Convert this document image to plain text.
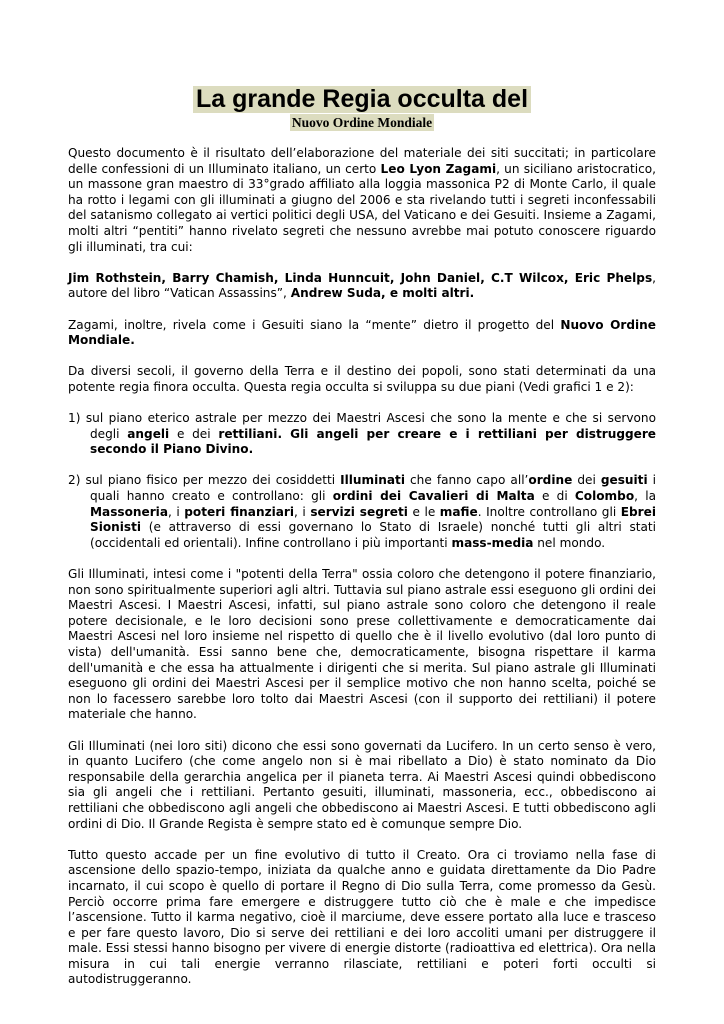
La grande Regia occulta del
Nuovo Ordine Mondiale

Questo documento è il risultato dell’elaborazione del materiale dei siti succitati; in particolare delle confessioni di un Illuminato italiano, un certo Leo Lyon Zagami, un siciliano aristocratico, un massone gran maestro di 33°grado affiliato alla loggia massonica P2 di Monte Carlo, il quale ha rotto i legami con gli illuminati a giugno del 2006 e sta rivelando tutti i segreti inconfessabili del satanismo collegato ai vertici politici degli USA, del Vaticano e dei Gesuiti. Insieme a Zagami, molti altri “pentiti” hanno rivelato segreti che nessuno avrebbe mai potuto conoscere riguardo gli illuminati, tra cui:

Jim Rothstein, Barry Chamish, Linda Hunncuit, John Daniel, C.T Wilcox, Eric Phelps, autore del libro “Vatican Assassins”, Andrew Suda, e molti altri.

Zagami, inoltre, rivela come i Gesuiti siano la “mente” dietro il progetto del Nuovo Ordine Mondiale.

Da diversi secoli, il governo della Terra e il destino dei popoli, sono stati determinati da una potente regia finora occulta. Questa regia occulta si sviluppa su due piani (Vedi grafici 1 e 2):

1) sul piano eterico astrale per mezzo dei Maestri Ascesi che sono la mente e che si servono degli angeli e dei rettiliani. Gli angeli per creare e i rettiliani per distruggere secondo il Piano Divino.

2) sul piano fisico per mezzo dei cosiddetti Illuminati che fanno capo all’ordine dei gesuiti i quali hanno creato e controllano: gli ordini dei Cavalieri di Malta e di Colombo, la Massoneria, i poteri finanziari, i servizi segreti e le mafie. Inoltre controllano gli Ebrei Sionisti (e attraverso di essi governano lo Stato di Israele) nonché tutti gli altri stati (occidentali ed orientali). Infine controllano i più importanti mass-media nel mondo.

Gli Illuminati, intesi come i "potenti della Terra" ossia coloro che detengono il potere finanziario, non sono spiritualmente superiori agli altri. Tuttavia sul piano astrale essi eseguono gli ordini dei Maestri Ascesi. I Maestri Ascesi, infatti, sul piano astrale sono coloro che detengono il reale potere decisionale, e le loro decisioni sono prese collettivamente e democraticamente dai Maestri Ascesi nel loro insieme nel rispetto di quello che è il livello evolutivo (dal loro punto di vista) dell'umanità. Essi sanno bene che, democraticamente, bisogna rispettare il karma dell'umanità e che essa ha attualmente i dirigenti che si merita. Sul piano astrale gli Illuminati eseguono gli ordini dei Maestri Ascesi per il semplice motivo che non hanno scelta, poiché se non lo facessero sarebbe loro tolto dai Maestri Ascesi (con il supporto dei rettiliani) il potere materiale che hanno.

Gli Illuminati (nei loro siti) dicono che essi sono governati da Lucifero. In un certo senso è vero, in quanto Lucifero (che come angelo non si è mai ribellato a Dio) è stato nominato da Dio responsabile della gerarchia angelica per il pianeta terra. Ai Maestri Ascesi quindi obbediscono sia gli angeli che i rettiliani. Pertanto gesuiti, illuminati, massoneria, ecc., obbediscono ai rettiliani che obbediscono agli angeli che obbediscono ai Maestri Ascesi. E tutti obbediscono agli ordini di Dio. Il Grande Regista è sempre stato ed è comunque sempre Dio.

Tutto questo accade per un fine evolutivo di tutto il Creato. Ora ci troviamo nella fase di ascensione dello spazio-tempo, iniziata da qualche anno e guidata direttamente da Dio Padre incarnato, il cui scopo è quello di portare il Regno di Dio sulla Terra, come promesso da Gesù. Perciò occorre prima fare emergere e distruggere tutto ciò che è male e che impedisce l’ascensione. Tutto il karma negativo, cioè il marciume, deve essere portato alla luce e trasceso e per fare questo lavoro, Dio si serve dei rettiliani e dei loro accoliti umani per distruggere il male. Essi stessi hanno bisogno per vivere di energie distorte (radioattiva ed elettrica). Ora nella misura in cui tali energie verranno rilasciate, rettiliani e poteri forti occulti si autodistruggeranno.
